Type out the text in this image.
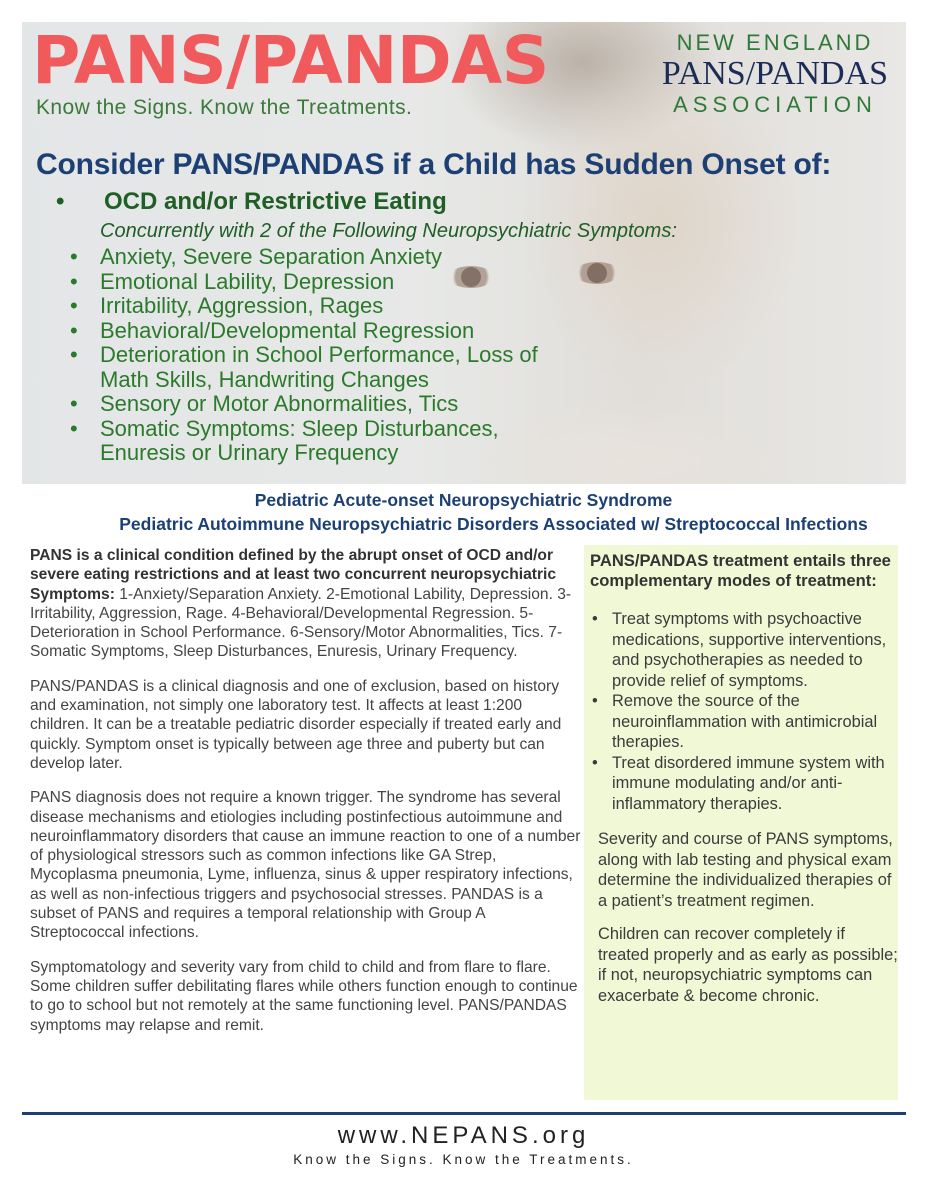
PANS/PANDAS
Know the Signs. Know the Treatments.
NEW ENGLAND
PANS/PANDAS
ASSOCIATION
Consider PANS/PANDAS if a Child has Sudden Onset of:
•	OCD and/or Restrictive Eating
Concurrently with 2 of the Following Neuropsychiatric Symptoms:
•	Anxiety, Severe Separation Anxiety
•	Emotional Lability, Depression
•	Irritability, Aggression, Rages
•	Behavioral/Developmental Regression
•	Deterioration in School Performance, Loss of
Math Skills, Handwriting Changes
•	Sensory or Motor Abnormalities, Tics
•	Somatic Symptoms: Sleep Disturbances,
Enuresis or Urinary Frequency
Pediatric Acute-onset Neuropsychiatric Syndrome
Pediatric Autoimmune Neuropsychiatric Disorders Associated w/ Streptococcal Infections

PANS is a clinical condition defined by the abrupt onset of OCD and/or severe eating restrictions and at least two concurrent neuropsychiatric Symptoms: 1-Anxiety/Separation Anxiety. 2-Emotional Lability, Depression. 3-Irritability, Aggression, Rage. 4-Behavioral/Developmental Regression. 5-Deterioration in School Performance. 6-Sensory/Motor Abnormalities, Tics. 7-Somatic Symptoms, Sleep Disturbances, Enuresis, Urinary Frequency.

PANS/PANDAS is a clinical diagnosis and one of exclusion, based on history and examination, not simply one laboratory test. It affects at least 1:200 children. It can be a treatable pediatric disorder especially if treated early and quickly. Symptom onset is typically between age three and puberty but can develop later.

PANS diagnosis does not require a known trigger. The syndrome has several disease mechanisms and etiologies including postinfectious autoimmune and neuroinflammatory disorders that cause an immune reaction to one of a number of physiological stressors such as common infections like GA Strep, Mycoplasma pneumonia, Lyme, influenza, sinus & upper respiratory infections, as well as non-infectious triggers and psychosocial stresses. PANDAS is a subset of PANS and requires a temporal relationship with Group A Streptococcal infections.

Symptomatology and severity vary from child to child and from flare to flare. Some children suffer debilitating flares while others function enough to continue to go to school but not remotely at the same functioning level. PANS/PANDAS symptoms may relapse and remit.

PANS/PANDAS treatment entails three complementary modes of treatment:
• Treat symptoms with psychoactive medications, supportive interventions, and psychotherapies as needed to provide relief of symptoms.
• Remove the source of the neuroinflammation with antimicrobial therapies.
• Treat disordered immune system with immune modulating and/or anti-inflammatory therapies.

Severity and course of PANS symptoms, along with lab testing and physical exam determine the individualized therapies of a patient’s treatment regimen.

Children can recover completely if treated properly and as early as possible; if not, neuropsychiatric symptoms can exacerbate & become chronic.

www.NEPANS.org
Know the Signs. Know the Treatments.
